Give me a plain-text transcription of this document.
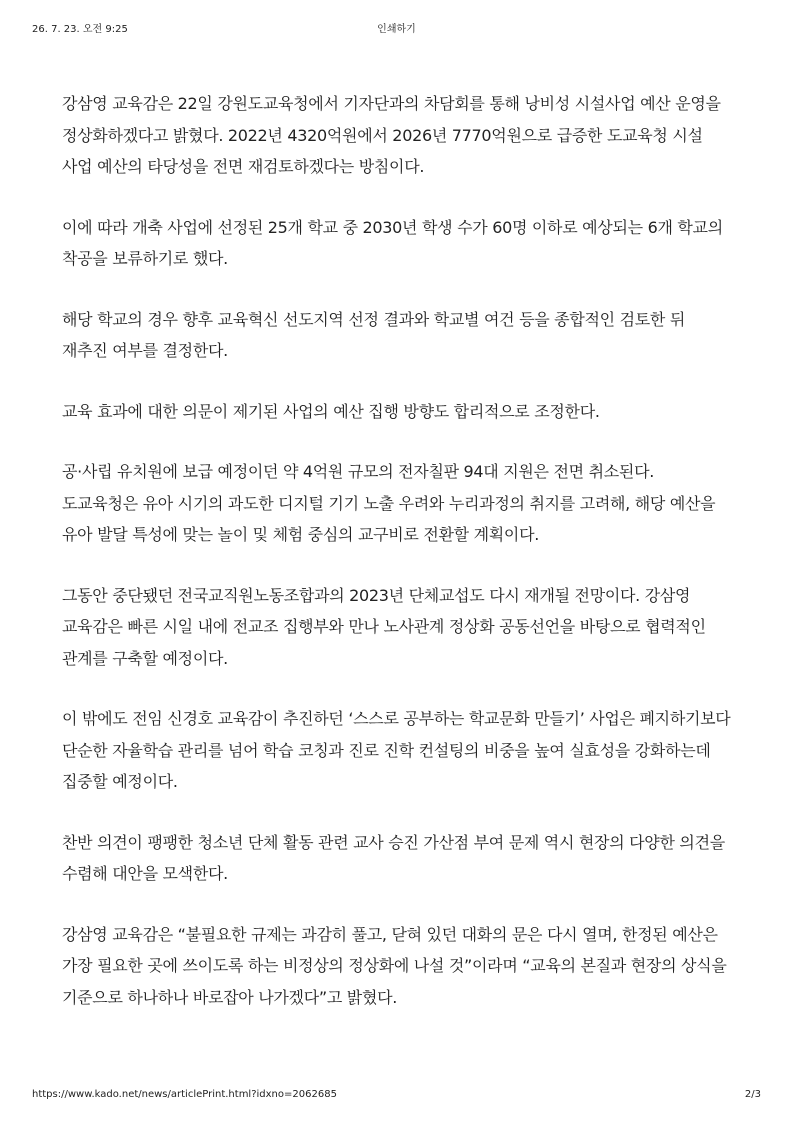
26. 7. 23. 오전 9:25	인쇄하기

강삼영 교육감은 22일 강원도교육청에서 기자단과의 차담회를 통해 낭비성 시설사업 예산 운영을 정상화하겠다고 밝혔다. 2022년 4320억원에서 2026년 7770억원으로 급증한 도교육청 시설 사업 예산의 타당성을 전면 재검토하겠다는 방침이다.

이에 따라 개축 사업에 선정된 25개 학교 중 2030년 학생 수가 60명 이하로 예상되는 6개 학교의 착공을 보류하기로 했다.

해당 학교의 경우 향후 교육혁신 선도지역 선정 결과와 학교별 여건 등을 종합적인 검토한 뒤 재추진 여부를 결정한다.

교육 효과에 대한 의문이 제기된 사업의 예산 집행 방향도 합리적으로 조정한다.

공·사립 유치원에 보급 예정이던 약 4억원 규모의 전자칠판 94대 지원은 전면 취소된다. 도교육청은 유아 시기의 과도한 디지털 기기 노출 우려와 누리과정의 취지를 고려해, 해당 예산을 유아 발달 특성에 맞는 놀이 및 체험 중심의 교구비로 전환할 계획이다.

그동안 중단됐던 전국교직원노동조합과의 2023년 단체교섭도 다시 재개될 전망이다. 강삼영 교육감은 빠른 시일 내에 전교조 집행부와 만나 노사관계 정상화 공동선언을 바탕으로 협력적인 관계를 구축할 예정이다.

이 밖에도 전임 신경호 교육감이 추진하던 ‘스스로 공부하는 학교문화 만들기’ 사업은 폐지하기보다 단순한 자율학습 관리를 넘어 학습 코칭과 진로 진학 컨설팅의 비중을 높여 실효성을 강화하는데 집중할 예정이다.

찬반 의견이 팽팽한 청소년 단체 활동 관련 교사 승진 가산점 부여 문제 역시 현장의 다양한 의견을 수렴해 대안을 모색한다.

강삼영 교육감은 “불필요한 규제는 과감히 풀고, 닫혀 있던 대화의 문은 다시 열며, 한정된 예산은 가장 필요한 곳에 쓰이도록 하는 비정상의 정상화에 나설 것”이라며 “교육의 본질과 현장의 상식을 기준으로 하나하나 바로잡아 나가겠다”고 밝혔다.

https://www.kado.net/news/articlePrint.html?idxno=2062685	2/3
